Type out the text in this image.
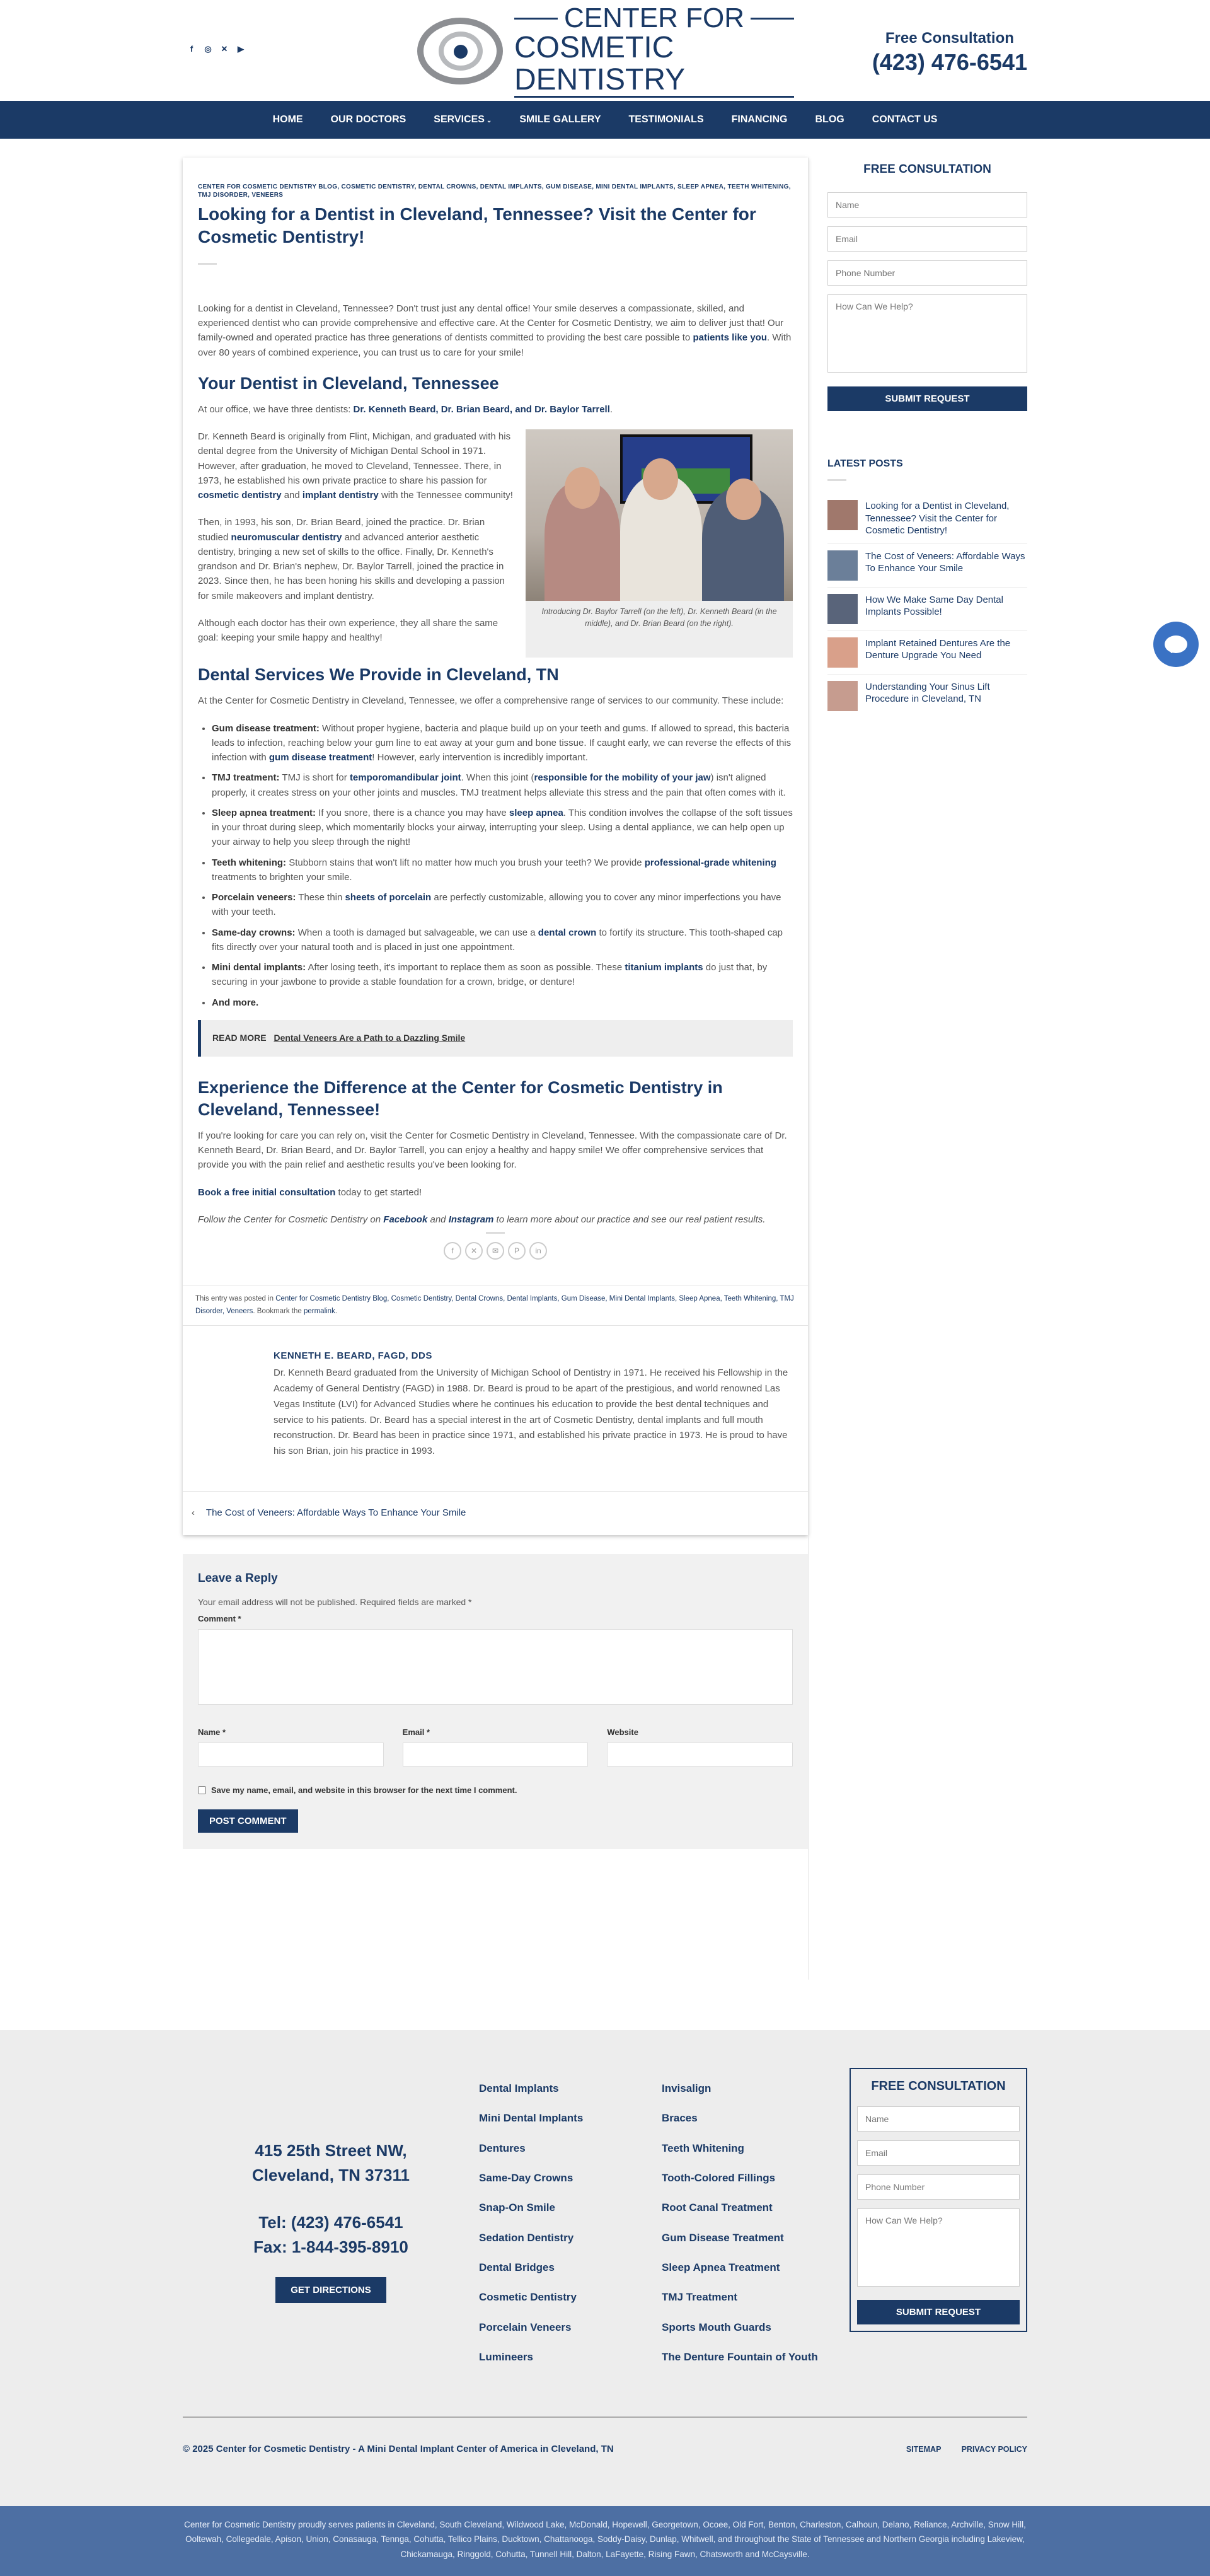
f	◎ ✕ ▶
CENTER FOR
COSMETIC DENTISTRY
Free Consultation
(423) 476-6541
HOME	OUR DOCTORS	SERVICES ⌄	SMILE GALLERY	TESTIMONIALS	FINANCING	BLOG	CONTACT US
CENTER FOR COSMETIC DENTISTRY BLOG, COSMETIC DENTISTRY, DENTAL CROWNS, DENTAL IMPLANTS, GUM DISEASE, MINI DENTAL IMPLANTS, SLEEP APNEA, TEETH WHITENING, TMJ DISORDER, VENEERS
Looking for a Dentist in Cleveland, Tennessee? Visit the Center for Cosmetic Dentistry!

Looking for a dentist in Cleveland, Tennessee? Don't trust just any dental office! Your smile deserves a compassionate, skilled, and experienced dentist who can provide comprehensive and effective care. At the Center for Cosmetic Dentistry, we aim to deliver just that! Our family-owned and operated practice has three generations of dentists committed to providing the best care possible to patients like you. With over 80 years of combined experience, you can trust us to care for your smile!

Your Dentist in Cleveland, Tennessee

At our office, we have three dentists: Dr. Kenneth Beard, Dr. Brian Beard, and Dr. Baylor Tarrell.

Dr. Kenneth Beard is originally from Flint, Michigan, and graduated with his dental degree from the University of Michigan Dental School in 1971. However, after graduation, he moved to Cleveland, Tennessee. There, in 1973, he established his own private practice to share his passion for cosmetic dentistry and implant dentistry with the Tennessee community!

Then, in 1993, his son, Dr. Brian Beard, joined the practice. Dr. Brian studied neuromuscular dentistry and advanced anterior aesthetic dentistry, bringing a new set of skills to the office. Finally, Dr. Kenneth's grandson and Dr. Brian's nephew, Dr. Baylor Tarrell, joined the practice in 2023. Since then, he has been honing his skills and developing a passion for smile makeovers and implant dentistry.

Although each doctor has their own experience, they all share the same goal: keeping your smile happy and healthy!

Introducing Dr. Baylor Tarrell (on the left), Dr. Kenneth Beard (in the middle), and Dr. Brian Beard (on the right).
Dental Services We Provide in Cleveland, TN

At the Center for Cosmetic Dentistry in Cleveland, Tennessee, we offer a comprehensive range of services to our community. These include:

• Gum disease treatment: Without proper hygiene, bacteria and plaque build up on your teeth and gums. If allowed to spread, this bacteria leads to infection, reaching below your gum line to eat away at your gum and bone tissue. If caught early, we can reverse the effects of this infection with gum disease treatment! However, early intervention is incredibly important.
• TMJ treatment: TMJ is short for temporomandibular joint. When this joint (responsible for the mobility of your jaw) isn't aligned properly, it creates stress on your other joints and muscles. TMJ treatment helps alleviate this stress and the pain that often comes with it.
• Sleep apnea treatment: If you snore, there is a chance you may have sleep apnea. This condition involves the collapse of the soft tissues in your throat during sleep, which momentarily blocks your airway, interrupting your sleep. Using a dental appliance, we can help open up your airway to help you sleep through the night!
• Teeth whitening: Stubborn stains that won't lift no matter how much you brush your teeth? We provide professional-grade whitening treatments to brighten your smile.
• Porcelain veneers: These thin sheets of porcelain are perfectly customizable, allowing you to cover any minor imperfections you have with your teeth.
• Same-day crowns: When a tooth is damaged but salvageable, we can use a dental crown to fortify its structure. This tooth-shaped cap fits directly over your natural tooth and is placed in just one appointment.
• Mini dental implants: After losing teeth, it's important to replace them as soon as possible. These titanium implants do just that, by securing in your jawbone to provide a stable foundation for a crown, bridge, or denture!
• And more.
READ MORE Dental Veneers Are a Path to a Dazzling Smile
Experience the Difference at the Center for Cosmetic Dentistry in Cleveland, Tennessee!

If you're looking for care you can rely on, visit the Center for Cosmetic Dentistry in Cleveland, Tennessee. With the compassionate care of Dr. Kenneth Beard, Dr. Brian Beard, and Dr. Baylor Tarrell, you can enjoy a healthy and happy smile! We offer comprehensive services that provide you with the pain relief and aesthetic results you've been looking for.

Book a free initial consultation today to get started!

Follow the Center for Cosmetic Dentistry on Facebook and Instagram to learn more about our practice and see our real patient results.

f	✕	✉	P	in
This entry was posted in Center for Cosmetic Dentistry Blog, Cosmetic Dentistry, Dental Crowns, Dental Implants, Gum Disease, Mini Dental Implants, Sleep Apnea, Teeth Whitening, TMJ Disorder, Veneers. Bookmark the permalink.
KENNETH E. BEARD, FAGD, DDS

Dr. Kenneth Beard graduated from the University of Michigan School of Dentistry in 1971. He received his Fellowship in the Academy of General Dentistry (FAGD) in 1988. Dr. Beard is proud to be apart of the prestigious, and world renowned Las Vegas Institute (LVI) for Advanced Studies where he continues his education to provide the best dental techniques and service to his patients. Dr. Beard has a special interest in the art of Cosmetic Dentistry, dental implants and full mouth reconstruction. Dr. Beard has been in practice since 1971, and established his private practice in 1973. He is proud to have his son Brian, join his practice in 1993.

‹ The Cost of Veneers: Affordable Ways To Enhance Your Smile
Leave a Reply

Your email address will not be published. Required fields are marked *

Comment *
Name *	Email *	Website
Save my name, email, and website in this browser for the next time I comment.
POST COMMENT
FREE CONSULTATION
Name Email Phone Number How Can We Help? SUBMIT REQUEST
LATEST POSTS
Looking for a Dentist in Cleveland, Tennessee? Visit the Center for Cosmetic Dentistry!
The Cost of Veneers: Affordable Ways To Enhance Your Smile
How We Make Same Day Dental Implants Possible!
Implant Retained Dentures Are the Denture Upgrade You Need
Understanding Your Sinus Lift Procedure in Cleveland, TN
415 25th Street NW,
Cleveland, TN 37311
Tel: (423) 476-6541
Fax: 1-844-395-8910
GET DIRECTIONS
Dental Implants
Mini Dental Implants
Dentures
Same-Day Crowns
Snap-On Smile
Sedation Dentistry
Dental Bridges
Cosmetic Dentistry
Porcelain Veneers
Lumineers
Invisalign
Braces
Teeth Whitening
Tooth-Colored Fillings
Root Canal Treatment
Gum Disease Treatment
Sleep Apnea Treatment
TMJ Treatment
Sports Mouth Guards
The Denture Fountain of Youth
FREE CONSULTATION
Name Email Phone Number How Can We Help? SUBMIT REQUEST
© 2025 Center for Cosmetic Dentistry - A Mini Dental Implant Center of America in Cleveland, TN	SITEMAP	PRIVACY POLICY

Center for Cosmetic Dentistry proudly serves patients in Cleveland, South Cleveland, Wildwood Lake, McDonald, Hopewell, Georgetown, Ocoee, Old Fort, Benton, Charleston, Calhoun, Delano, Reliance, Archville, Snow Hill, Ooltewah, Collegedale, Apison, Union, Conasauga, Tennga, Cohutta, Tellico Plains, Ducktown, Chattanooga, Soddy-Daisy, Dunlap, Whitwell, and throughout the State of Tennessee and Northern Georgia including Lakeview, Chickamauga, Ringgold, Cohutta, Tunnell Hill, Dalton, LaFayette, Rising Fawn, Chatsworth and McCaysville.
